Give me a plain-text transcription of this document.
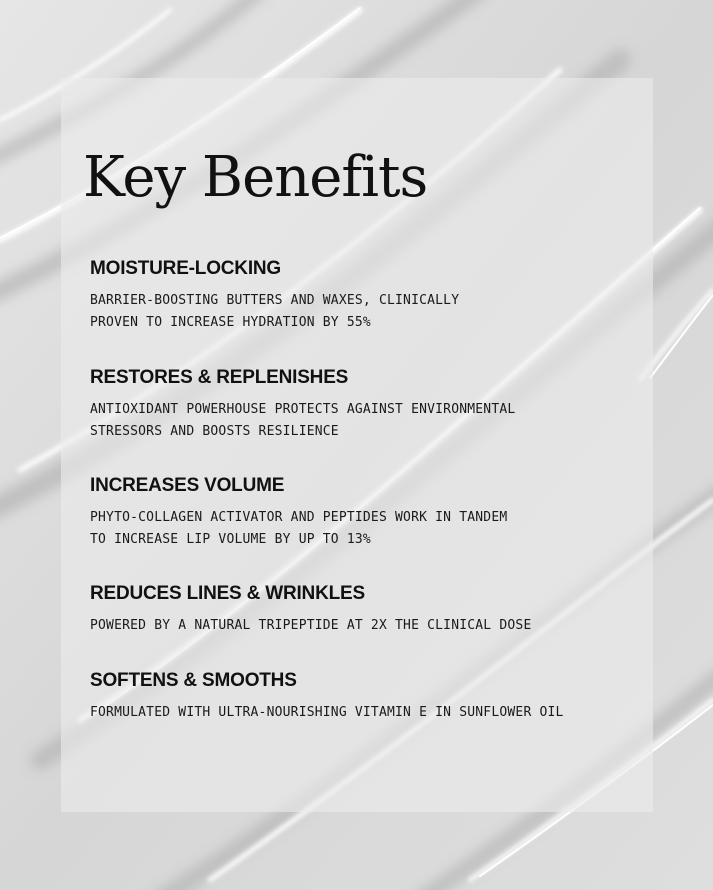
Key Benefits
MOISTURE-LOCKING

BARRIER-BOOSTING BUTTERS AND WAXES, CLINICALLY
PROVEN TO INCREASE HYDRATION BY 55%

RESTORES & REPLENISHES

ANTIOXIDANT POWERHOUSE PROTECTS AGAINST ENVIRONMENTAL
STRESSORS AND BOOSTS RESILIENCE

INCREASES VOLUME

PHYTO-COLLAGEN ACTIVATOR AND PEPTIDES WORK IN TANDEM
TO INCREASE LIP VOLUME BY UP TO 13%

REDUCES LINES & WRINKLES

POWERED BY A NATURAL TRIPEPTIDE AT 2X THE CLINICAL DOSE

SOFTENS & SMOOTHS

FORMULATED WITH ULTRA-NOURISHING VITAMIN E IN SUNFLOWER OIL
